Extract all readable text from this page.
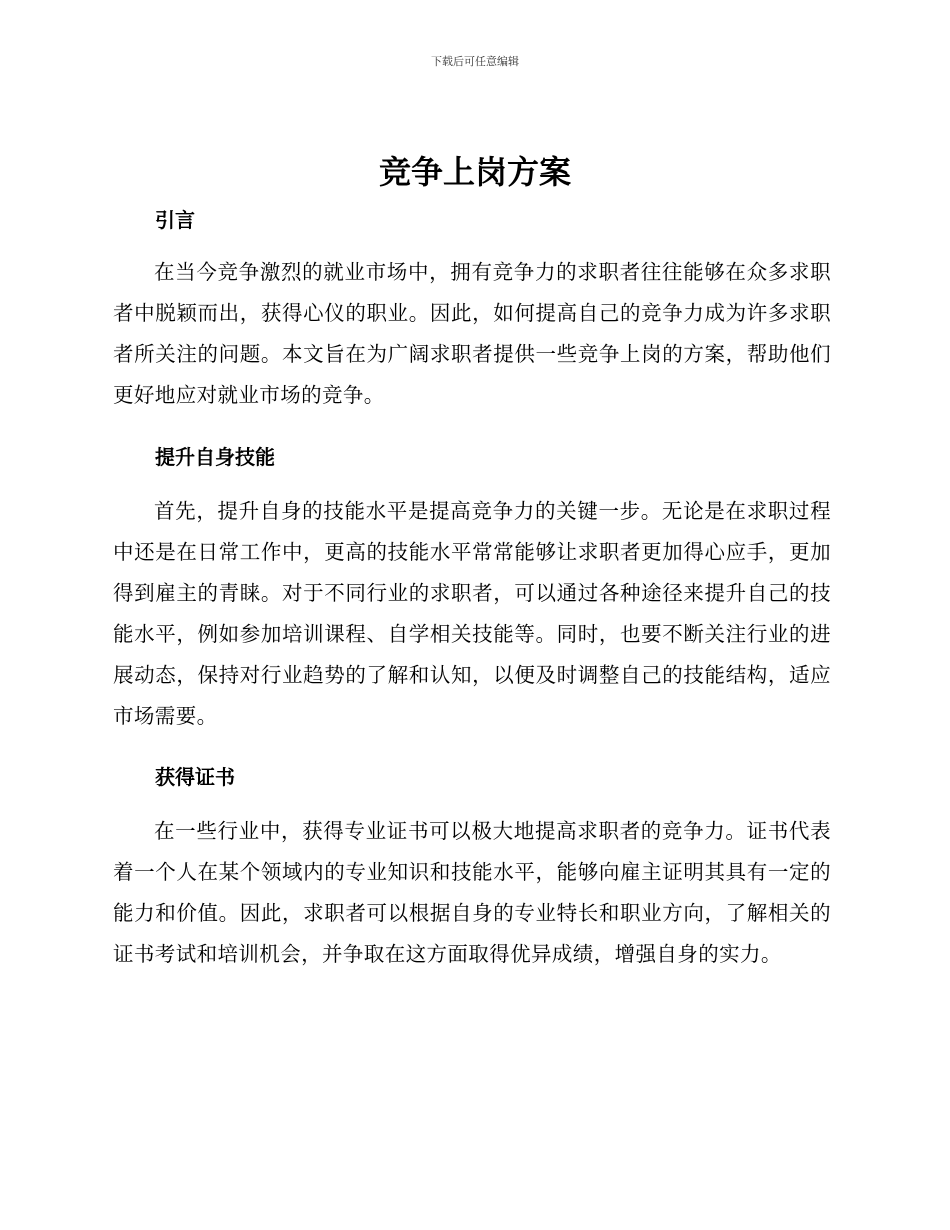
下载后可任意编辑
竞争上岗方案
引言

在当今竞争激烈的就业市场中，拥有竞争力的求职者往往能够在众多求职者中脱颖而出，获得心仪的职业。因此，如何提高自己的竞争力成为许多求职者所关注的问题。本文旨在为广阔求职者提供一些竞争上岗的方案，帮助他们更好地应对就业市场的竞争。

提升自身技能

首先，提升自身的技能水平是提高竞争力的关键一步。无论是在求职过程中还是在日常工作中，更高的技能水平常常能够让求职者更加得心应手，更加得到雇主的青睐。对于不同行业的求职者，可以通过各种途径来提升自己的技能水平，例如参加培训课程、自学相关技能等。同时，也要不断关注行业的进展动态，保持对行业趋势的了解和认知，以便及时调整自己的技能结构，适应市场需要。

获得证书

在一些行业中，获得专业证书可以极大地提高求职者的竞争力。证书代表着一个人在某个领域内的专业知识和技能水平，能够向雇主证明其具有一定的能力和价值。因此，求职者可以根据自身的专业特长和职业方向，了解相关的证书考试和培训机会，并争取在这方面取得优异成绩，增强自身的实力。
